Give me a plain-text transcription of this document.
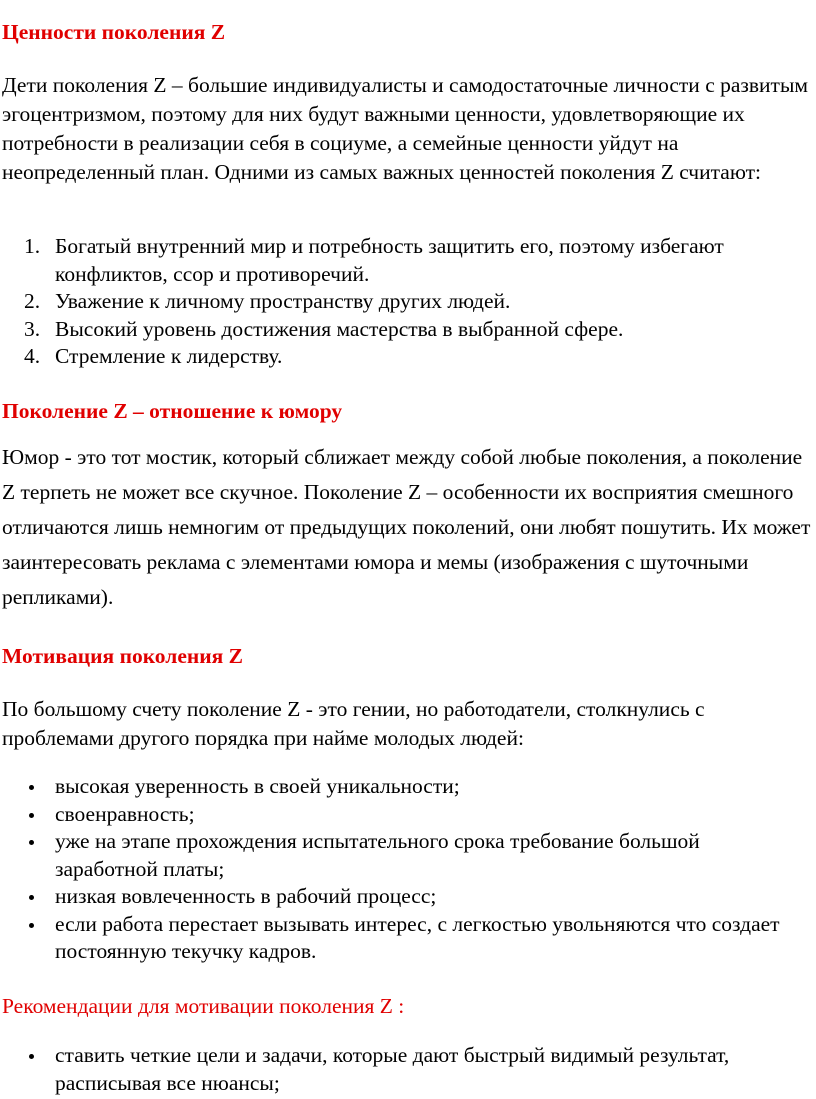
Ценности поколения Z

Дети поколения Z – большие индивидуалисты и самодостаточные личности с развитым эгоцентризмом, поэтому для них будут важными ценности, удовлетворяющие их потребности в реализации себя в социуме, а семейные ценности уйдут на неопределенный план. Одними из самых важных ценностей поколения Z считают:

1. Богатый внутренний мир и потребность защитить его, поэтому избегают конфликтов, ссор и противоречий.
2. Уважение к личному пространству других людей.
3. Высокий уровень достижения мастерства в выбранной сфере.
4. Стремление к лидерству.
Поколение Z – отношение к юмору

Юмор - это тот мостик, который сближает между собой любые поколения, а поколение Z терпеть не может все скучное. Поколение Z – особенности их восприятия смешного отличаются лишь немногим от предыдущих поколений, они любят пошутить. Их может заинтересовать реклама с элементами юмора и мемы (изображения с шуточными репликами).

Мотивация поколения Z

По большому счету поколение Z - это гении, но работодатели, столкнулись с проблемами другого порядка при найме молодых людей:

высокая уверенность в своей уникальности;
своенравность;
уже на этапе прохождения испытательного срока требование большой заработной платы;
низкая вовлеченность в рабочий процесс;
если работа перестает вызывать интерес, с легкостью увольняются что создает постоянную текучку кадров.
Рекомендации для мотивации поколения Z :
ставить четкие цели и задачи, которые дают быстрый видимый результат, расписывая все нюансы;
